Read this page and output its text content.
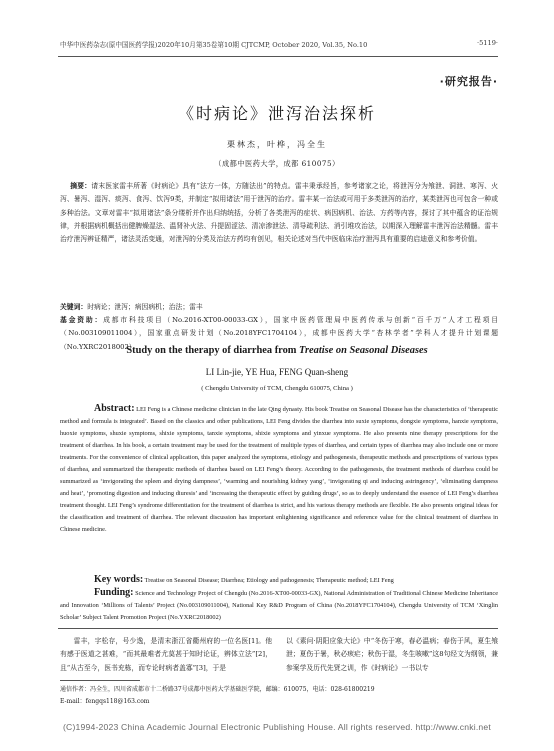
中华中医药杂志(原中国医药学报)2020年10月第35卷第10期 CJTCMP, October 2020, Vol.35, No.10	·5119·
·研究报告·
《时病论》泄泻治法探析
栗林杰，叶桦，冯全生
（成都中医药大学，成都 610075）

摘要：请末医家雷丰所著《时病论》具有“法方一体，方随法出”的特点。雷丰秉承经旨，参考诸家之论，将泄泻分为飧泄、洞泄、寒泻、火泻、暑泻、湿泻、痰泻、食泻、饮泻9类，并制定“拟用诸法”用于泄泻的治疗。雷丰某一治法或可用于多类泄泻的治疗，某类泄泻也可包含一种或多种治法。文章对雷丰“拟用诸法”条分缕析并作出归纳统括，分析了各类泄泻的症状、病因病机、治法、方药等内容，探讨了其中蕴含的证治规律，并根据病机概括出健脾燥湿法、温肾补火法、升提固涩法、清凉渗泄法、清导疏利法、消引堆攻治法，以期深入理解雷丰泄泻治法精髓。雷丰治疗泄泻辨证精严，诸法灵活变通，对泄泻的分类及治法方药均有创见，相关论述对当代中医临床治疗泄泻具有重要的启迪意义和参考价值。

关键词：时病论；泄泻；病因病机；治法；雷丰
基金资助：成都市科技项目（No.2016-XT00-00033-GX），国家中医药管理局中医药传承与创新“百千万”人才工程项目（No.003109011004），国家重点研发计划（No.2018YFC1704104），成都中医药大学“杏林学者”学科人才提升计划课题（No.YXRC2018002）
Study on the therapy of diarrhea from Treatise on Seasonal Diseases
LI Lin-jie, YE Hua, FENG Quan-sheng
( Chengdu University of TCM, Chengdu 610075, China )
Abstract: LEI Feng is a Chinese medicine clinician in the late Qing dynasty. His book Treatise on Seasonal Disease has the characteristics of ‘therapeutic method and formula is integrated’. Based on the classics and other publications, LEI Feng divides the diarrhea into suxie symptoms, dongxie symptoms, hanxie symptoms, huoxie symptoms, shuxie symptoms, shixie symptoms, tanxie symptoms, shixie symptoms and yinxue symptoms. He also presents nine therapy prescriptions for the treatment of diarrhea. In his book, a certain treatment may be used for the treatment of multiple types of diarrhea, and certain types of diarrhea may also include one or more treatments. For the convenience of clinical application, this paper analyzed the symptoms, etiology and pathogenesis, therapeutic methods and prescriptions of various types of diarrhea, and summarized the therapeutic methods of diarrhea based on LEI Feng’s theory. According to the pathogenesis, the treatment methods of diarrhea could be summarized as ‘invigorating the spleen and drying dampness’, ‘warming and nourishing kidney yang’, ‘invigorating qi and inducing astringency’, ‘eliminating dampness and heat’, ‘promoting digestion and inducing diuresis’ and ‘increasing the therapeutic effect by guiding drugs’, so as to deeply understand the essence of LEI Feng’s diarrhea treatment thought. LEI Feng’s syndrome differentiation for the treatment of diarrhea is strict, and his various therapy methods are flexible. He also presents original ideas for the classification and treatment of diarrhea. The relevant discussion has important enlightening significance and reference value for the clinical treatment of diarrhea in Chinese medicine.
Key words: Treatise on Seasonal Disease; Diarrhea; Etiology and pathogenesis; Therapeutic method; LEI Feng
Funding: Science and Technology Project of Chengdu (No.2016-XT00-00033-GX), National Administration of Traditional Chinese Medicine Inheritance and Innovation ‘Millions of Talents’ Project (No.003109011004), National Key R&D Program of China (No.2018YFC1704104), Chengdu University of TCM ‘Xinglin Scholar’ Subject Talent Promotion Project (No.YXRC2018002)

雷丰，字松存，号少逸，是清末浙江省衢州府的一位名医[1]。他有感于医道之甚难，“而其最难者尤莫甚于知时论证，辨体立法”[2]，且“从古至今，医书充栋，而专论时病者盖寡”[3]，于是

以《素问·阴阳应象大论》中“冬伤于寒，春必温病；春伤于风，夏生飧泄；夏伤于暑，秋必痎疟；秋伤于湿，冬生咳嗽”这8句经文为纲领，兼参案学及历代先贤之训，作《时病论》一书以专

通信作者：冯全生，四川省成都市十二桥路37号成都中医药大学基础医学院，邮编：610075，电话：028-61800219
E-mail：fengqs118@163.com
(C)1994-2023 China Academic Journal Electronic Publishing House. All rights reserved. http://www.cnki.net
